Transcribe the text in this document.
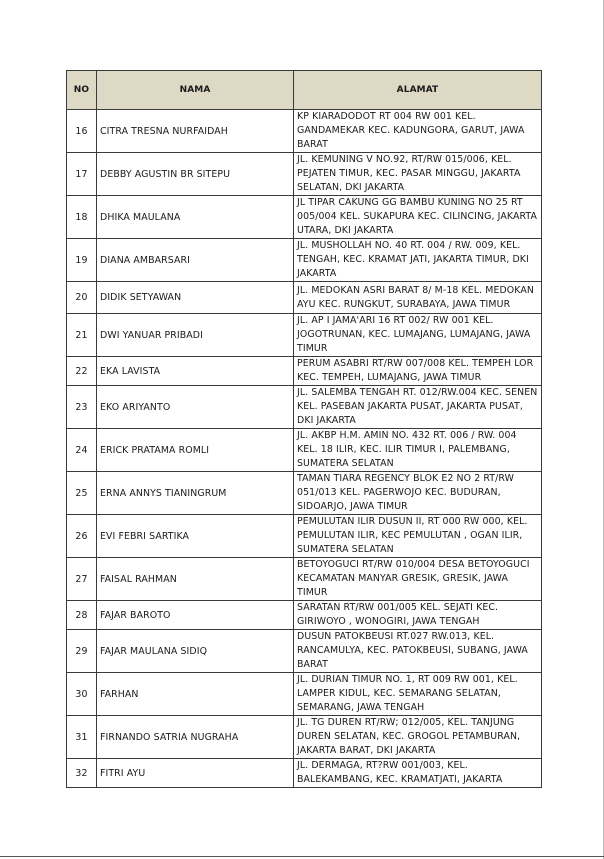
NO	NAMA	ALAMAT
16	CITRA TRESNA NURFAIDAH	KP KIARADODOT RT 004 RW 001 KEL. GANDAMEKAR KEC. KADUNGORA, GARUT, JAWA BARAT
17	DEBBY AGUSTIN BR SITEPU	JL. KEMUNING V NO.92, RT/RW 015/006, KEL. PEJATEN TIMUR, KEC. PASAR MINGGU, JAKARTA SELATAN, DKI JAKARTA
18	DHIKA MAULANA	JL TIPAR CAKUNG GG BAMBU KUNING NO 25 RT 005/004 KEL. SUKAPURA KEC. CILINCING, JAKARTA UTARA, DKI JAKARTA
19	DIANA AMBARSARI	JL. MUSHOLLAH NO. 40 RT. 004 / RW. 009, KEL. TENGAH, KEC. KRAMAT JATI, JAKARTA TIMUR, DKI JAKARTA
20	DIDIK SETYAWAN	JL. MEDOKAN ASRI BARAT 8/ M-18 KEL. MEDOKAN AYU KEC. RUNGKUT, SURABAYA, JAWA TIMUR
21	DWI YANUAR PRIBADI	JL. AP I JAMA'ARI 16 RT 002/ RW 001 KEL. JOGOTRUNAN, KEC. LUMAJANG, LUMAJANG, JAWA TIMUR
22	EKA LAVISTA	PERUM ASABRI RT/RW 007/008 KEL. TEMPEH LOR KEC. TEMPEH, LUMAJANG, JAWA TIMUR
23	EKO ARIYANTO	JL. SALEMBA TENGAH RT. 012/RW.004 KEC. SENEN KEL. PASEBAN JAKARTA PUSAT, JAKARTA PUSAT, DKI JAKARTA
24	ERICK PRATAMA ROMLI	JL. AKBP H.M. AMIN NO. 432 RT. 006 / RW. 004 KEL. 18 ILIR, KEC. ILIR TIMUR I, PALEMBANG, SUMATERA SELATAN
25	ERNA ANNYS TIANINGRUM	TAMAN TIARA REGENCY BLOK E2 NO 2 RT/RW 051/013 KEL. PAGERWOJO KEC. BUDURAN, SIDOARJO, JAWA TIMUR
26	EVI FEBRI SARTIKA	PEMULUTAN ILIR DUSUN II, RT 000 RW 000, KEL. PEMULUTAN ILIR, KEC PEMULUTAN , OGAN ILIR, SUMATERA SELATAN
27	FAISAL RAHMAN	BETOYOGUCI RT/RW 010/004 DESA BETOYOGUCI KECAMATAN MANYAR GRESIK, GRESIK, JAWA TIMUR
28	FAJAR BAROTO	SARATAN RT/RW 001/005 KEL. SEJATI KEC. GIRIWOYO , WONOGIRI, JAWA TENGAH
29	FAJAR MAULANA SIDIQ	DUSUN PATOKBEUSI RT.027 RW.013, KEL. RANCAMULYA, KEC. PATOKBEUSI, SUBANG, JAWA BARAT
30	FARHAN	JL. DURIAN TIMUR NO. 1, RT 009 RW 001, KEL. LAMPER KIDUL, KEC. SEMARANG SELATAN, SEMARANG, JAWA TENGAH
31	FIRNANDO SATRIA NUGRAHA	JL. TG DUREN RT/RW; 012/005, KEL. TANJUNG DUREN SELATAN, KEC. GROGOL PETAMBURAN, JAKARTA BARAT, DKI JAKARTA
32	FITRI AYU	JL. DERMAGA, RT?RW 001/003, KEL. BALEKAMBANG, KEC. KRAMATJATI, JAKARTA
